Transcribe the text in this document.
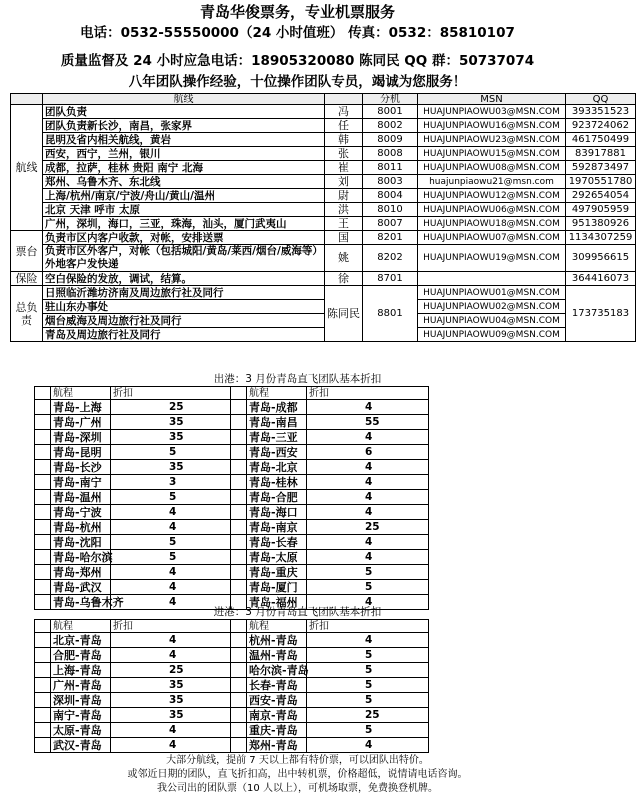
青岛华俊票务，专业机票服务
电话：0532-55550000（24 小时值班） 传真：0532：85810107
质量监督及 24 小时应急电话：18905320080 陈同民 QQ 群：50737074
八年团队操作经验，十位操作团队专员，竭诚为您服务！
	航线		分机	MSN	QQ
航线	团队负责	冯	8001	HUAJUNPIAOWU03@MSN.COM	393351523
	团队负责新长沙，南昌，张家界	任	8002	HUAJUNPIAOWU16@MSN.COM	923724062
	昆明及省内相关航线，黄岩	韩	8009	HUAJUNPIAOWU23@MSN.COM	461750499
	西安，西宁，兰州，银川	张	8008	HUAJUNPIAOWU15@MSN.COM	83917881
	成都，拉萨，桂林 贵阳 南宁 北海	崔	8011	HUAJUNPIAOWU08@MSN.COM	592873497
	郑州、乌鲁木齐、东北线	刘	8003	huajunpiaowu21@msn.com	1970551780
	上海/杭州/南京/宁波/舟山/黄山/温州	尉	8004	HUAJUNPIAOWU12@MSN.COM	292654054
	北京 天津 呼市 太原	洪	8010	HUAJUNPIAOWU06@MSN.COM	497905959
	广州，深圳，海口，三亚，珠海，汕头，厦门武夷山	王	8007	HUAJUNPIAOWU18@MSN.COM	951380926
票台	负责市区内客户收款，对帐，安排送票	国	8201	HUAJUNPIAOWU07@MSN.COM	1134307259
	负责市区外客户，对帐（包括城阳/黄岛/莱西/烟台/威海等）外地客户发快递	姚	8202	HUAJUNPIAOWU19@MSN.COM	309956615
保险	空白保险的发放，调试，结算。	徐	8701		364416073
总负责	日照临沂潍坊济南及周边旅行社及同行	陈同民	8801	HUAJUNPIAOWU01@MSN.COM	173735183
	驻山东办事处			HUAJUNPIAOWU02@MSN.COM	
	烟台威海及周边旅行社及同行			HUAJUNPIAOWU04@MSN.COM	
	青岛及周边旅行社及同行			HUAJUNPIAOWU09@MSN.COM	
出港：3 月份青岛直飞团队基本折扣
	航程	折扣		航程	折扣
	青岛-上海	25		青岛-成都	4
	青岛-广州	35		青岛-南昌	55
	青岛-深圳	35		青岛-三亚	4
	青岛-昆明	5		青岛-西安	6
	青岛-长沙	35		青岛-北京	4
	青岛-南宁	3		青岛-桂林	4
	青岛-温州	5		青岛-合肥	4
	青岛-宁波	4		青岛-海口	4
	青岛-杭州	4		青岛-南京	25
	青岛-沈阳	5		青岛-长春	4
	青岛-哈尔滨	5		青岛-太原	4
	青岛-郑州	4		青岛-重庆	5
	青岛-武汉	4		青岛-厦门	5
	青岛-乌鲁木齐	4		青岛-福州	4
进港：3 月份青岛直飞团队基本折扣
	航程	折扣		航程	折扣
	北京-青岛	4		杭州-青岛	4
	合肥-青岛	4		温州-青岛	5
	上海-青岛	25		哈尔滨-青岛	5
	广州-青岛	35		长春-青岛	5
	深圳-青岛	35		西安-青岛	5
	南宁-青岛	35		南京-青岛	25
	太原-青岛	4		重庆-青岛	5
	武汉-青岛	4		郑州-青岛	4
大部分航线，提前 7 天以上都有特价票，可以团队出特价。
或邻近日期的团队，直飞折扣高，出中转机票，价格超低，说情请电话咨询。
我公司出的团队票（10 人以上），可机场取票，免费换登机牌。
